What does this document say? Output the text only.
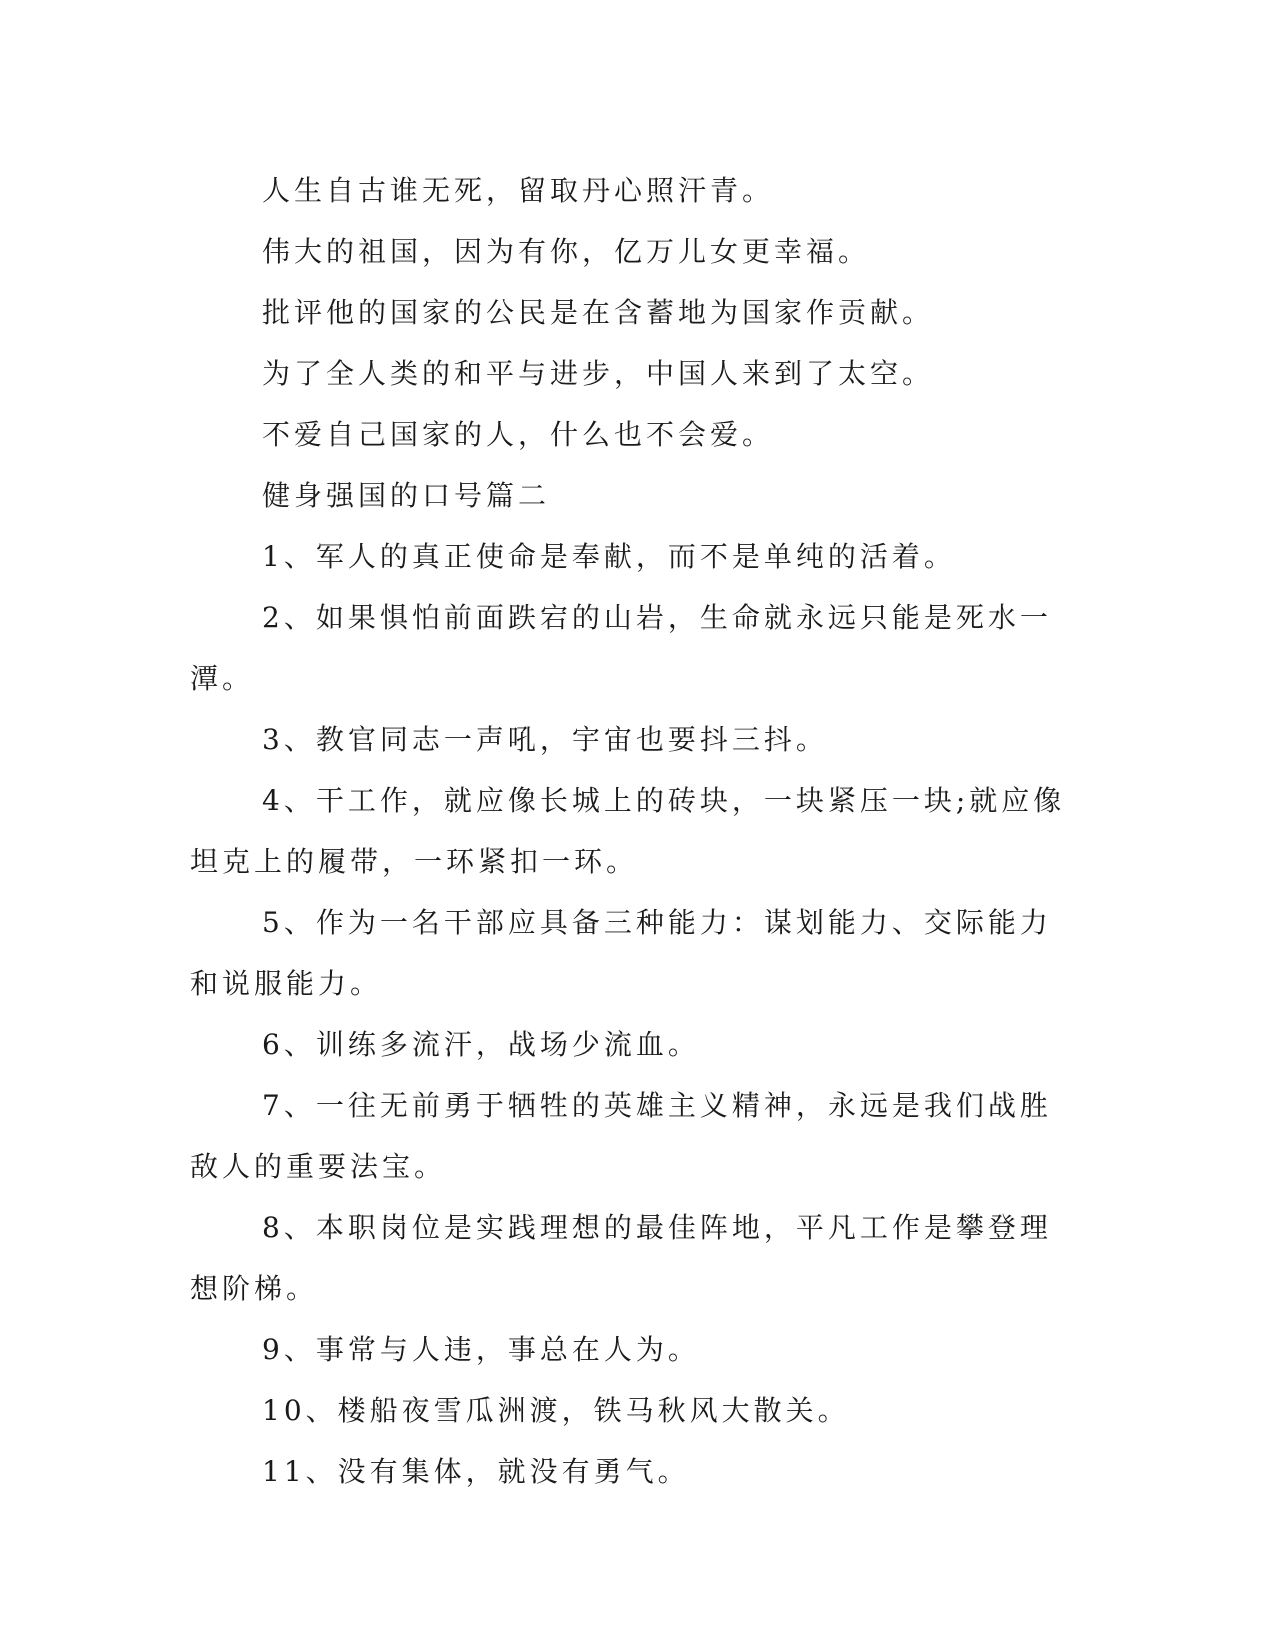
人生自古谁无死，留取丹心照汗青。

伟大的祖国，因为有你，亿万儿女更幸福。

批评他的国家的公民是在含蓄地为国家作贡献。

为了全人类的和平与进步，中国人来到了太空。

不爱自己国家的人，什么也不会爱。

健身强国的口号篇二

1、军人的真正使命是奉献，而不是单纯的活着。

2、如果惧怕前面跌宕的山岩，生命就永远只能是死水一潭。

3、教官同志一声吼，宇宙也要抖三抖。

4、干工作，就应像长城上的砖块，一块紧压一块;就应像坦克上的履带，一环紧扣一环。

5、作为一名干部应具备三种能力：谋划能力、交际能力和说服能力。

6、训练多流汗，战场少流血。

7、一往无前勇于牺牲的英雄主义精神，永远是我们战胜敌人的重要法宝。

8、本职岗位是实践理想的最佳阵地，平凡工作是攀登理想阶梯。

9、事常与人违，事总在人为。

10、楼船夜雪瓜洲渡，铁马秋风大散关。

11、没有集体，就没有勇气。
